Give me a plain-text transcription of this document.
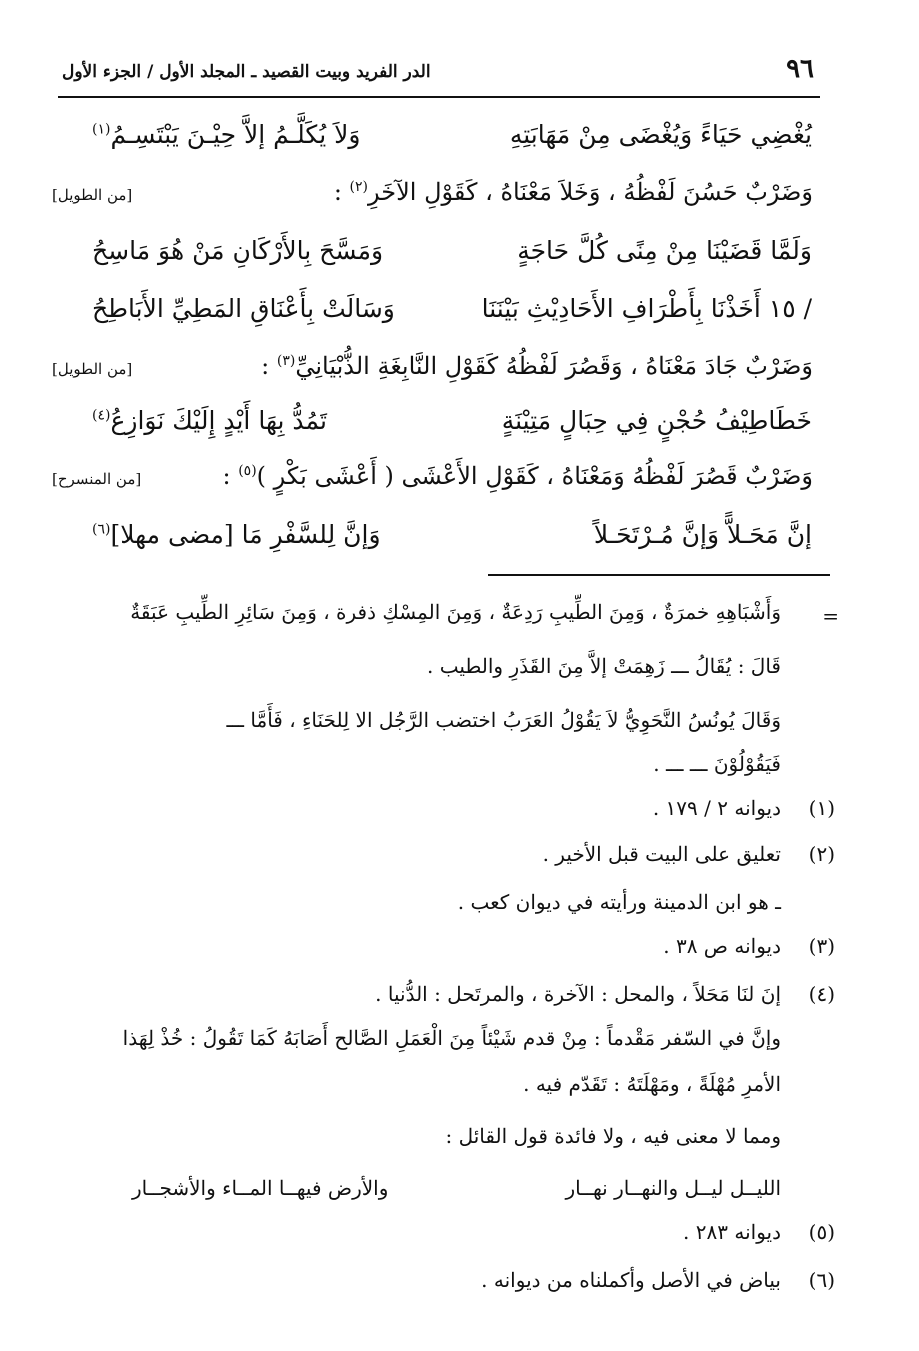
٩٦
الدر الفريد وبيت القصيد ـ المجلد الأول / الجزء الأول
يُغْضِي حَيَاءً وَيُغْضَى مِنْ مَهَابَتِهِ
وَلاَ يُكَلَّـمُ إلاَّ حِيْـنَ يَبْتَسِـمُ$^{(١)}$
وَضَرْبٌ حَسُنَ لَفْظُهُ ، وَخَلاَ مَعْنَاهُ ، كَقَوْلِ الآخَرِ$^{(٢)}$ :
[من الطويل]
وَلَمَّا قَضَيْنَا مِنْ مِنًى كُلَّ حَاجَةٍ
وَمَسَّحَ بِالأَرْكَانِ مَنْ هُوَ مَاسِحُ
/ ١٥ أَخَذْنَا بِأَطْرَافِ الأَحَادِيْثِ بَيْنَنَا
وَسَالَتْ بِأَعْنَاقِ المَطِيِّ الأَبَاطِحُ
وَضَرْبٌ جَادَ مَعْنَاهُ ، وَقَصُرَ لَفْظُهُ كَقَوْلِ النَّابِغَةِ الذُّبْيَانِيِّ$^{(٣)}$ :
[من الطويل]
خَطَاطِيْفُ حُجْنٍ فِي حِبَالٍ مَتِيْنَةٍ
تَمُدُّ بِهَا أَيْدٍ إِلَيْكَ نَوَازِعُ$^{(٤)}$
وَضَرْبٌ قَصُرَ لَفْظُهُ وَمَعْنَاهُ ، كَقَوْلِ الأَعْشَى ( أَعْشَى بَكْرٍ )$^{(٥)}$ :
[من المنسرح]
إنَّ مَحَـلاًّ وَإنَّ مُـرْتَحَـلاً
وَإنَّ لِلسَّفْرِ مَا [مضى مهلا]$^{(٦)}$
=
وَأَشْبَاهِهِ خمرَةٌ ، وَمِنَ الطِّيبِ رَدِعَةٌ ، وَمِنَ المِسْكِ ذفرة ، وَمِنَ سَائِرِ الطِّيبِ عَبَقَةٌ
قَالَ : يُقَالُ ـــ زَهِمَتْ إلاَّ مِنَ القَذَرِ والطيب .
وَقَالَ يُونُسُ النَّحَوِيُّ لاَ يَقُوْلُ العَرَبُ اختضب الرَّجُل الا لِلحَنَاءِ ، فَأَمَّا ـــ
فَيَقُوْلُوْنَ ـــ ـــ .
(١)
ديوانه ٢ / ١٧٩ .
(٢)
تعليق على البيت قبل الأخير .
ـ هو ابن الدمينة ورأيته في ديوان كعب .
(٣)
ديوانه ص ٣٨ .
(٤)
إنَ لنَا مَحَلاً ، والمحل : الآخرة ، والمرتَحل : الدُّنيا .
وإنَّ في السّفر مَقْدماً : مِنْ قدم شَيْئاً مِنَ الْعَمَلِ الصَّالح أَصَابَهُ كَمَا تَقُولُ : خُذْ لِهَذا
الأمرِ مُهْلَةً ، ومَهْلَتَهُ : تَقَدّم فيه .
ومما لا معنى فيه ، ولا فائدة قول القائل :
الليــل ليــل والنهــار نهــار
والأرض فيهــا المــاء والأشجــار
(٥)
ديوانه ٢٨٣ .
(٦)
بياض في الأصل وأكملناه من ديوانه .
